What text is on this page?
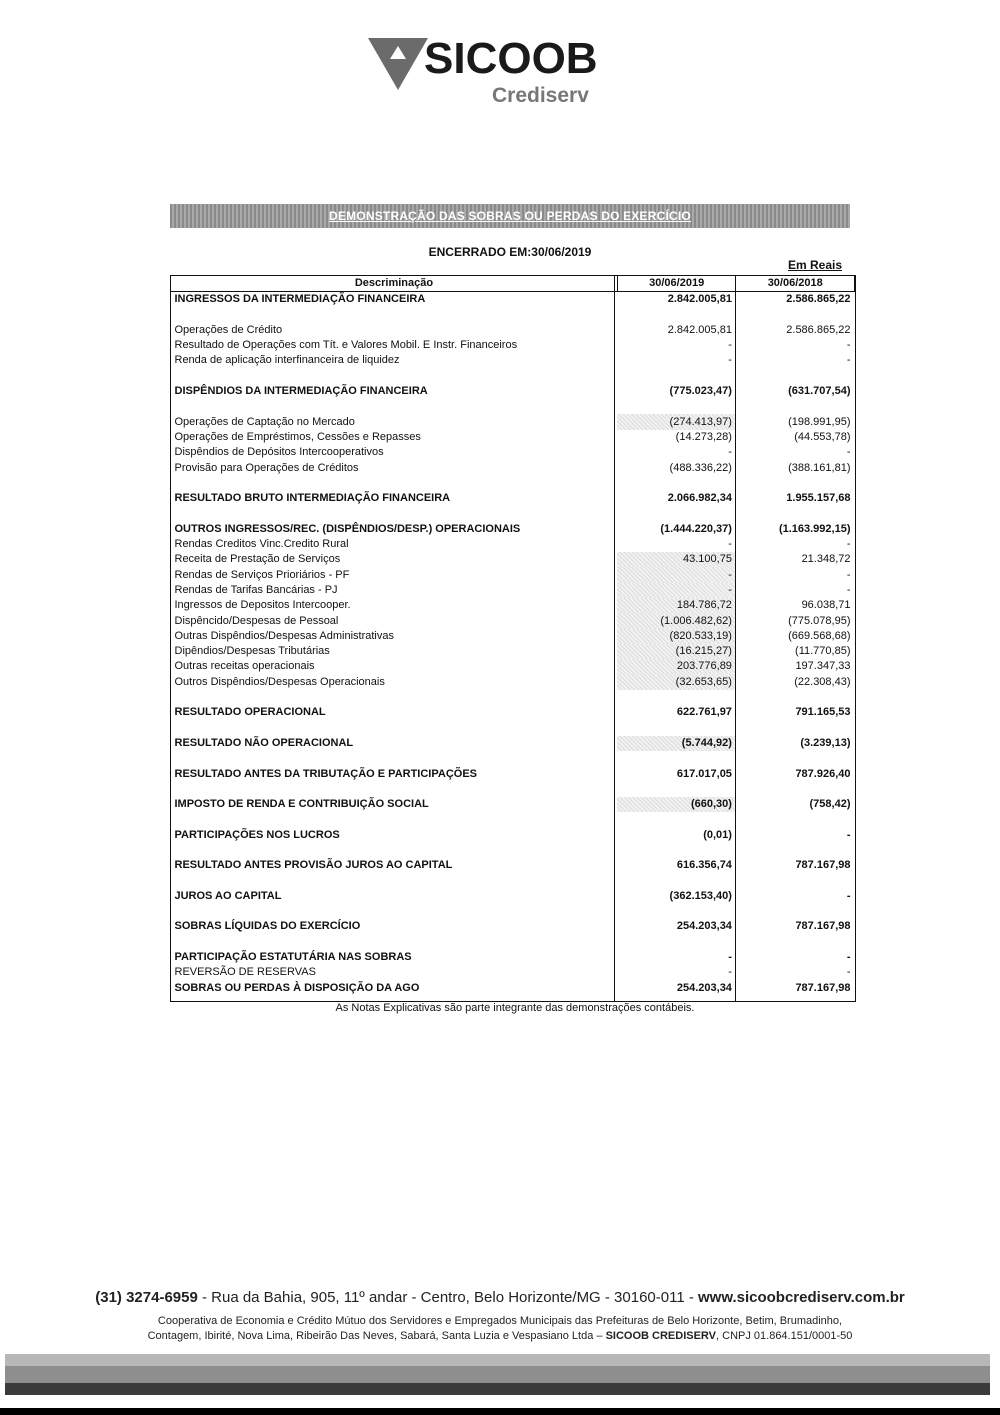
SICOOB
Crediserv
DEMONSTRAÇÃO DAS SOBRAS OU PERDAS DO EXERCÍCIO
ENCERRADO EM:30/06/2019
Em Reais
Descriminação	30/06/2019	30/06/2018
INGRESSOS DA INTERMEDIAÇÃO FINANCEIRA	2.842.005,81	2.586.865,22

Operações de Crédito	2.842.005,81	2.586.865,22
Resultado de Operações com Tít. e Valores Mobil. E Instr. Financeiros	-	-
Renda de aplicação interfinanceira de liquidez	-	-

DISPÊNDIOS DA INTERMEDIAÇÃO FINANCEIRA	(775.023,47)	(631.707,54)

Operações de Captação no Mercado	(274.413,97)	(198.991,95)
Operações de Empréstimos, Cessões e Repasses	(14.273,28)	(44.553,78)
Dispêndios de Depósitos Intercooperativos	-	-
Provisão para Operações de Créditos	(488.336,22)	(388.161,81)

RESULTADO BRUTO INTERMEDIAÇÃO FINANCEIRA	2.066.982,34	1.955.157,68

OUTROS INGRESSOS/REC. (DISPÊNDIOS/DESP.) OPERACIONAIS	(1.444.220,37)	(1.163.992,15)
Rendas Creditos Vinc.Credito Rural	-	-
Receita de Prestação de Serviços	43.100,75	21.348,72
Rendas de Serviços Prioriários - PF	-	-
Rendas de Tarifas Bancárias - PJ	-	-
Ingressos de Depositos Intercooper.	184.786,72	96.038,71
Dispêncido/Despesas de Pessoal	(1.006.482,62)	(775.078,95)
Outras Dispêndios/Despesas Administrativas	(820.533,19)	(669.568,68)
Dipêndios/Despesas Tributárias	(16.215,27)	(11.770,85)
Outras receitas operacionais	203.776,89	197.347,33
Outros Dispêndios/Despesas Operacionais	(32.653,65)	(22.308,43)

RESULTADO OPERACIONAL	622.761,97	791.165,53

RESULTADO NÃO OPERACIONAL	(5.744,92)	(3.239,13)

RESULTADO ANTES DA TRIBUTAÇÃO E PARTICIPAÇÕES	617.017,05	787.926,40

IMPOSTO DE RENDA E CONTRIBUIÇÃO SOCIAL	(660,30)	(758,42)

PARTICIPAÇÕES NOS LUCROS	(0,01)	-

RESULTADO ANTES PROVISÃO JUROS AO CAPITAL	616.356,74	787.167,98

JUROS AO CAPITAL	(362.153,40)	-

SOBRAS LÍQUIDAS DO EXERCÍCIO	254.203,34	787.167,98

PARTICIPAÇÃO ESTATUTÁRIA NAS SOBRAS	-	-
REVERSÃO DE RESERVAS	-	-
SOBRAS OU PERDAS À DISPOSIÇÃO DA AGO	254.203,34	787.167,98
As Notas Explicativas são parte integrante das demonstrações contábeis.
(31) 3274-6959 - Rua da Bahia, 905, 11º andar - Centro, Belo Horizonte/MG - 30160-011 - www.sicoobcrediserv.com.br
Cooperativa de Economia e Crédito Mútuo dos Servidores e Empregados Municipais das Prefeituras de Belo Horizonte, Betim, Brumadinho,
Contagem, Ibirité, Nova Lima, Ribeirão Das Neves, Sabará, Santa Luzia e Vespasiano Ltda – SICOOB CREDISERV, CNPJ 01.864.151/0001-50
